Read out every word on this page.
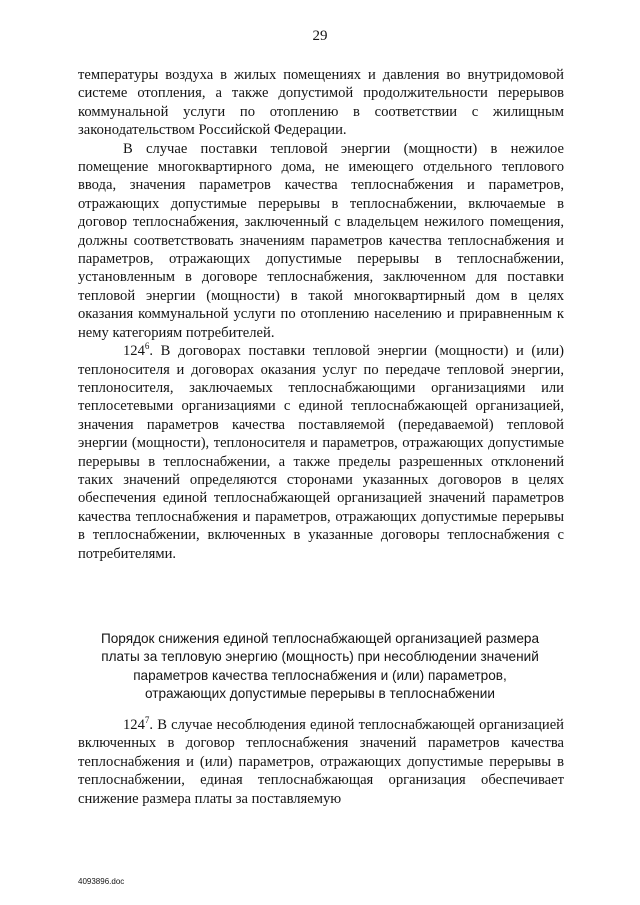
29

температуры воздуха в жилых помещениях и давления во внутридомовой системе отопления, а также допустимой продолжительности перерывов коммунальной услуги по отоплению в соответствии с жилищным законодательством Российской Федерации.

В случае поставки тепловой энергии (мощности) в нежилое помещение многоквартирного дома, не имеющего отдельного теплового ввода, значения параметров качества теплоснабжения и параметров, отражающих допустимые перерывы в теплоснабжении, включаемые в договор теплоснабжения, заключенный с владельцем нежилого помещения, должны соответствовать значениям параметров качества теплоснабжения и параметров, отражающих допустимые перерывы в теплоснабжении, установленным в договоре теплоснабжения, заключенном для поставки тепловой энергии (мощности) в такой многоквартирный дом в целях оказания коммунальной услуги по отоплению населению и приравненным к нему категориям потребителей.

$124^6$. В договорах поставки тепловой энергии (мощности) и (или) теплоносителя и договорах оказания услуг по передаче тепловой энергии, теплоносителя, заключаемых теплоснабжающими организациями или теплосетевыми организациями с единой теплоснабжающей организацией, значения параметров качества поставляемой (передаваемой) тепловой энергии (мощности), теплоносителя и параметров, отражающих допустимые перерывы в теплоснабжении, а также пределы разрешенных отклонений таких значений определяются сторонами указанных договоров в целях обеспечения единой теплоснабжающей организацией значений параметров качества теплоснабжения и параметров, отражающих допустимые перерывы в теплоснабжении, включенных в указанные договоры теплоснабжения с потребителями.

Порядок снижения единой теплоснабжающей организацией размера
платы за тепловую энергию (мощность) при несоблюдении значений
параметров качества теплоснабжения и (или) параметров,
отражающих допустимые перерывы в теплоснабжении

$124^7$. В случае несоблюдения единой теплоснабжающей организацией включенных в договор теплоснабжения значений параметров качества теплоснабжения и (или) параметров, отражающих допустимые перерывы в теплоснабжении, единая теплоснабжающая организация обеспечивает снижение размера платы за поставляемую

4093896.doc
